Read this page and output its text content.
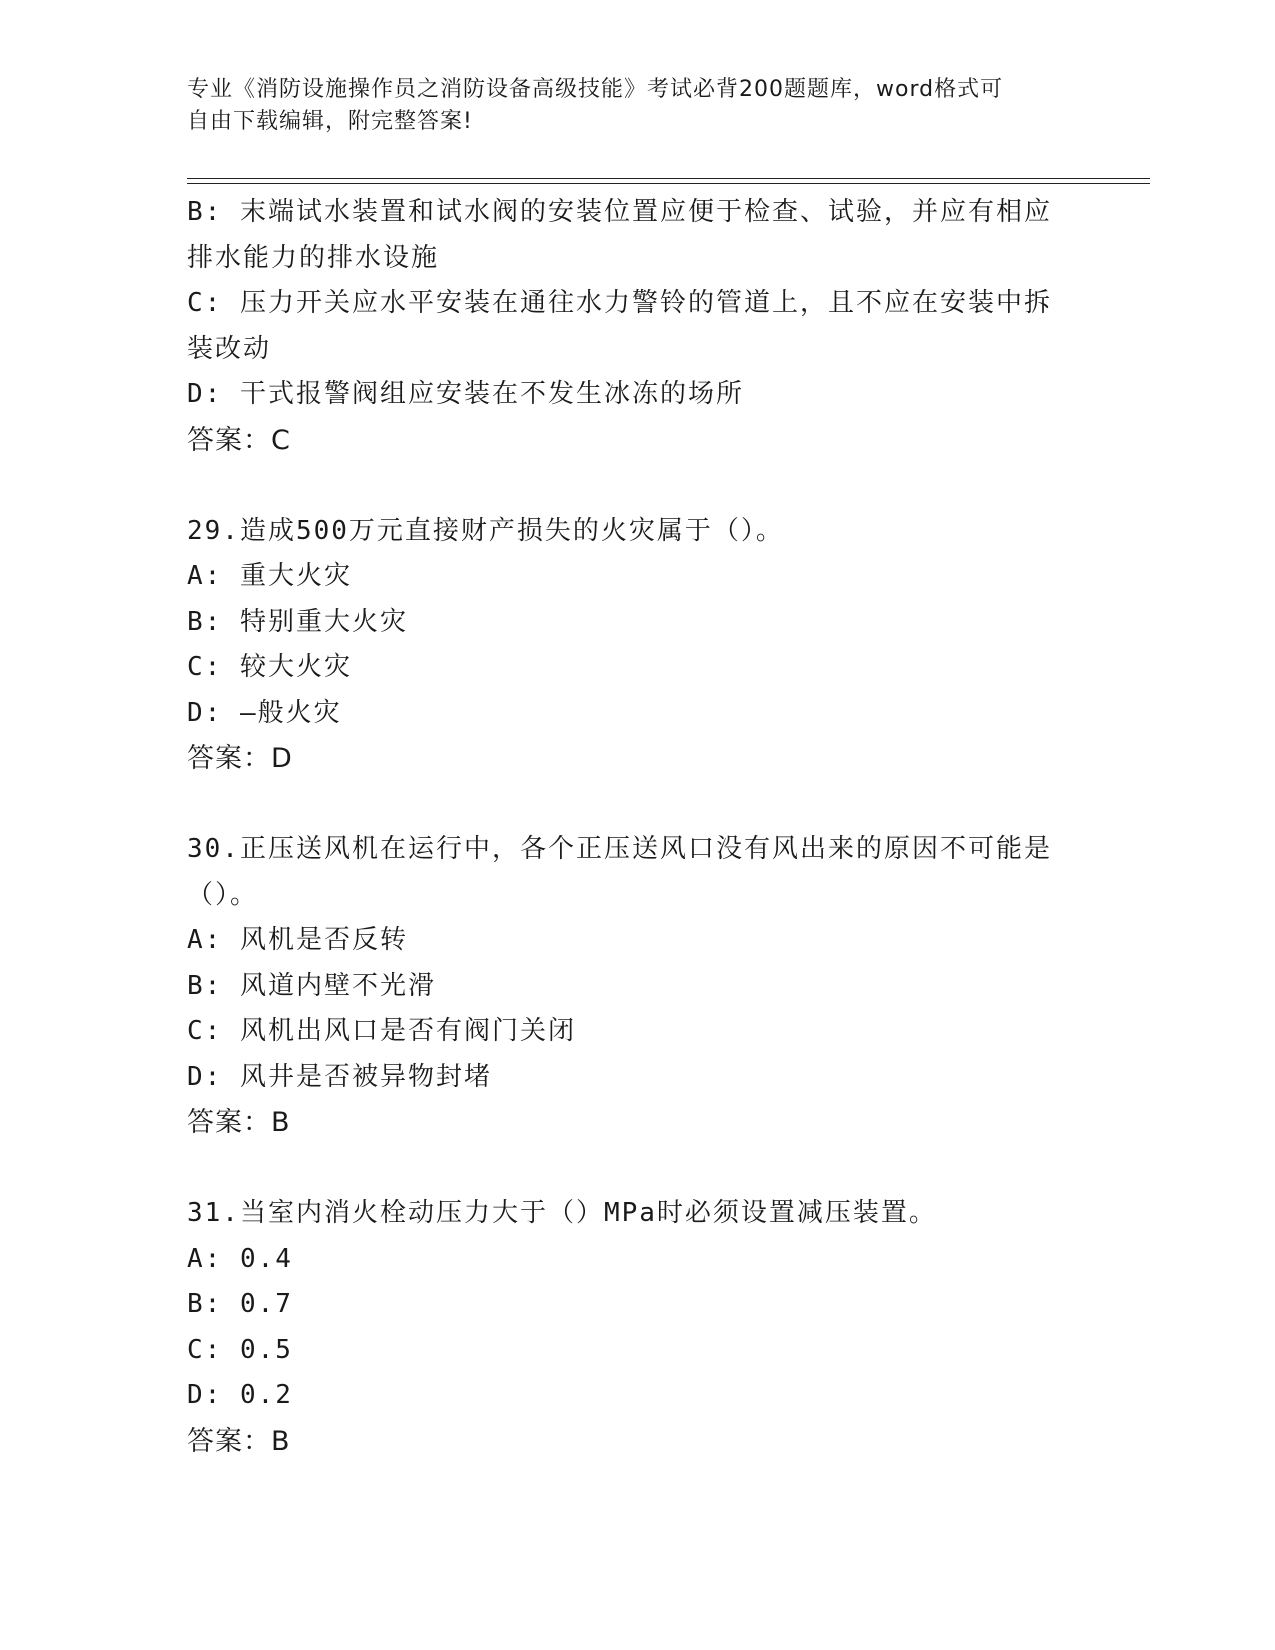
专业《消防设施操作员之消防设备高级技能》考试必背200题题库，word格式可
自由下载编辑，附完整答案!
B: 末端试水装置和试水阀的安装位置应便于检查、试验，并应有相应
排水能力的排水设施
C: 压力开关应水平安装在通往水力警铃的管道上，且不应在安装中拆
装改动
D: 干式报警阀组应安装在不发生冰冻的场所
答案：C
29.造成500万元直接财产损失的火灾属于（）。
A: 重大火灾
B: 特别重大火灾
C: 较大火灾
D: —般火灾
答案：D
30.正压送风机在运行中，各个正压送风口没有风出来的原因不可能是
（）。
A: 风机是否反转
B: 风道内壁不光滑
C: 风机出风口是否有阀门关闭
D: 风井是否被异物封堵
答案：B
31.当室内消火栓动压力大于（）MPa时必须设置减压装置。
A: 0.4
B: 0.7
C: 0.5
D: 0.2
答案：B
